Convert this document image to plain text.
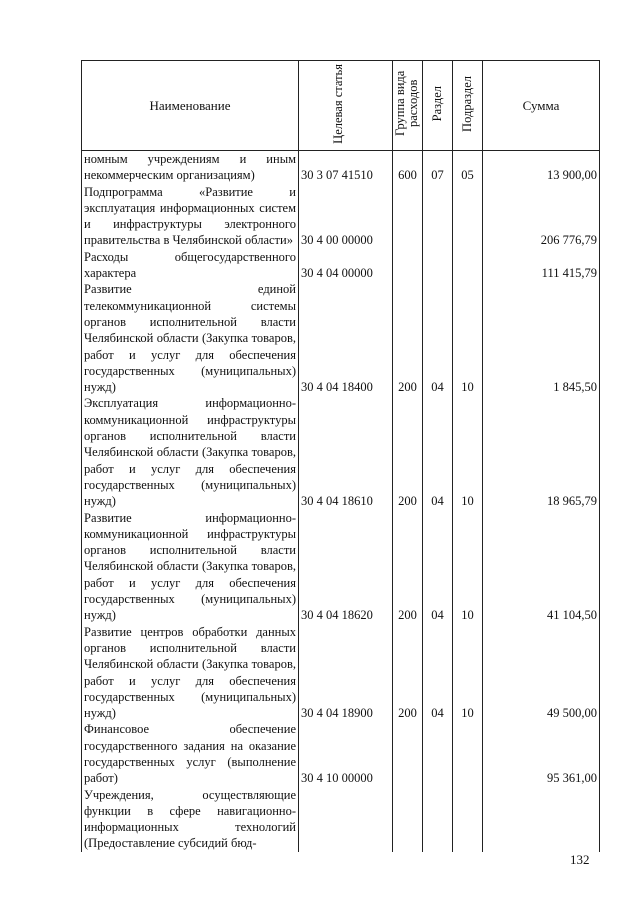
Наименование	Целевая статья	Группа вида расходов	Раздел	Подраздел	Сумма
номным учреждениям и иным некоммерческим организациям)	30 3 07 41510	600	07	05	13 900,00
Подпрограмма «Развитие и эксплуатация информационных систем и инфраструктуры электронного правительства в Челябинской области»	30 4 00 00000				206 776,79
Расходы общегосударственного характера	30 4 04 00000				111 415,79
Развитие единой телекоммуникационной системы органов исполнительной власти Челябинской области (Закупка товаров, работ и услуг для обеспечения государственных (муниципальных) нужд)	30 4 04 18400	200	04	10	1 845,50
Эксплуатация информационно-коммуникационной инфраструктуры органов исполнительной власти Челябинской области (Закупка товаров, работ и услуг для обеспечения государственных (муниципальных) нужд)	30 4 04 18610	200	04	10	18 965,79
Развитие информационно-коммуникационной инфраструктуры органов исполнительной власти Челябинской области (Закупка товаров, работ и услуг для обеспечения государственных (муниципальных) нужд)	30 4 04 18620	200	04	10	41 104,50
Развитие центров обработки данных органов исполнительной власти Челябинской области (Закупка товаров, работ и услуг для обеспечения государственных (муниципальных) нужд)	30 4 04 18900	200	04	10	49 500,00
Финансовое обеспечение государственного задания на оказание государственных услуг (выполнение работ)	30 4 10 00000				95 361,00
Учреждения, осуществляющие функции в сфере навигационно-информационных технологий (Предоставление субсидий бюд-					
132
